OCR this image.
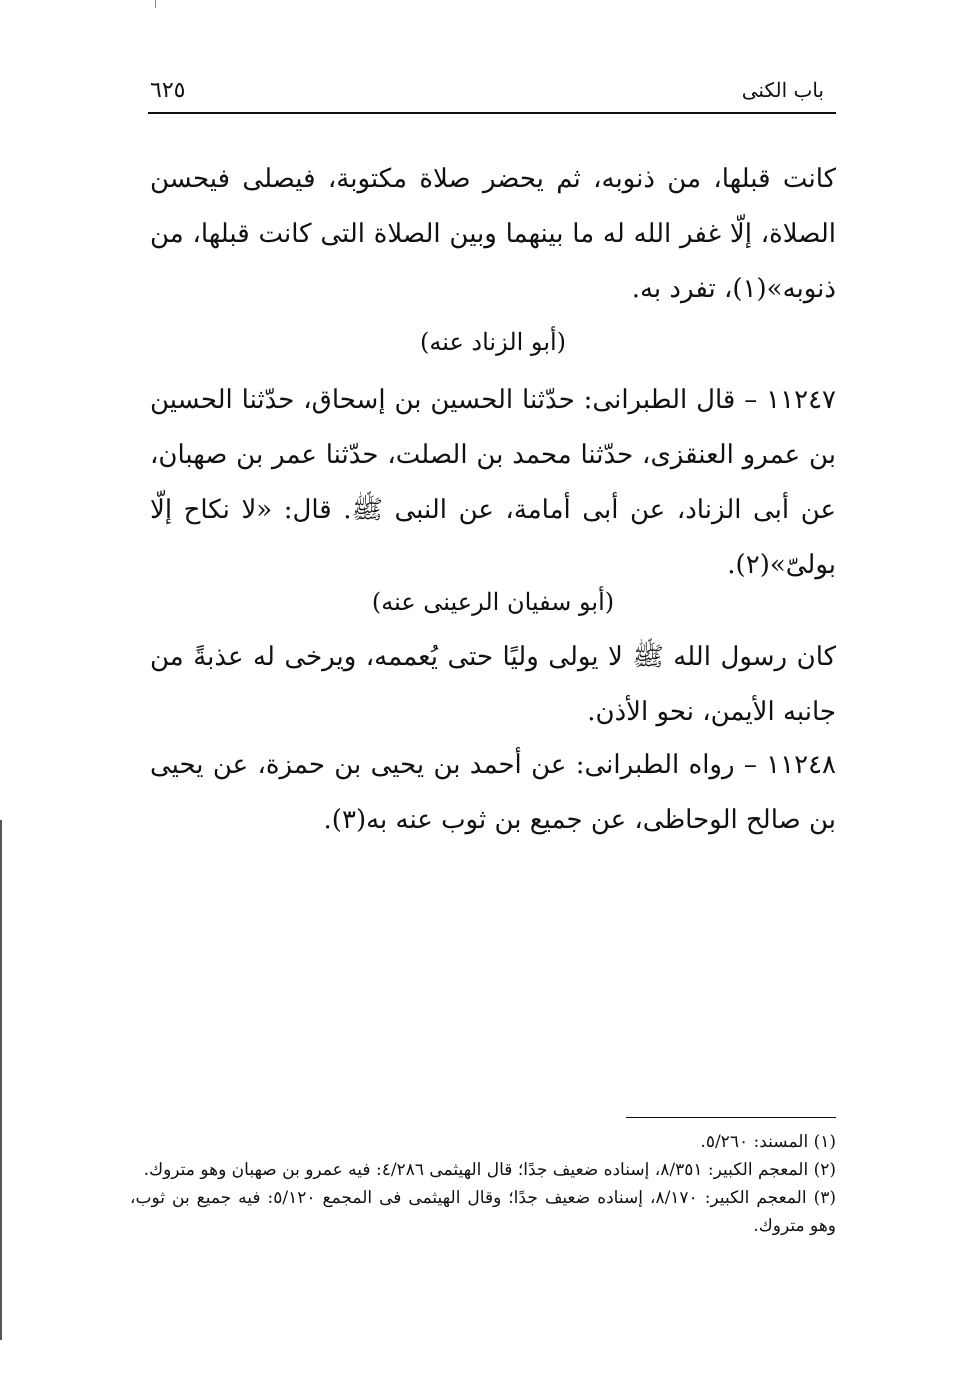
باب الكنى
٦٢٥

كانت قبلها، من ذنوبه، ثم يحضر صلاة مكتوبة، فيصلى فيحسن الصلاة، إلّا غفر الله له ما بينهما وبين الصلاة التى كانت قبلها، من ذنوبه»(١)، تفرد به.

(أبو الزناد عنه)

١١٢٤٧ – قال الطبرانى: حدّثنا الحسين بن إسحاق، حدّثنا الحسين بن عمرو العنقزى، حدّثنا محمد بن الصلت، حدّثنا عمر بن صهبان، عن أبى الزناد، عن أبى أمامة، عن النبى ﷺ. قال: «لا نكاح إلّا بولىّ»(٢).

(أبو سفيان الرعينى عنه)

كان رسول الله ﷺ لا يولى وليًا حتى يُعممه، ويرخى له عذبةً من جانبه الأيمن، نحو الأذن.

١١٢٤٨ – رواه الطبرانى: عن أحمد بن يحيى بن حمزة، عن يحيى بن صالح الوحاظى، عن جميع بن ثوب عنه به(٣).

(١) المسند: ٥/٢٦٠.

(٢) المعجم الكبير: ٨/٣٥١، إسناده ضعيف جدًا؛ قال الهيثمى ٤/٢٨٦: فيه عمرو بن صهبان وهو متروك.

(٣) المعجم الكبير: ٨/١٧٠، إسناده ضعيف جدًا؛ وقال الهيثمى فى المجمع ٥/١٢٠: فيه جميع بن ثوب، وهو متروك.
